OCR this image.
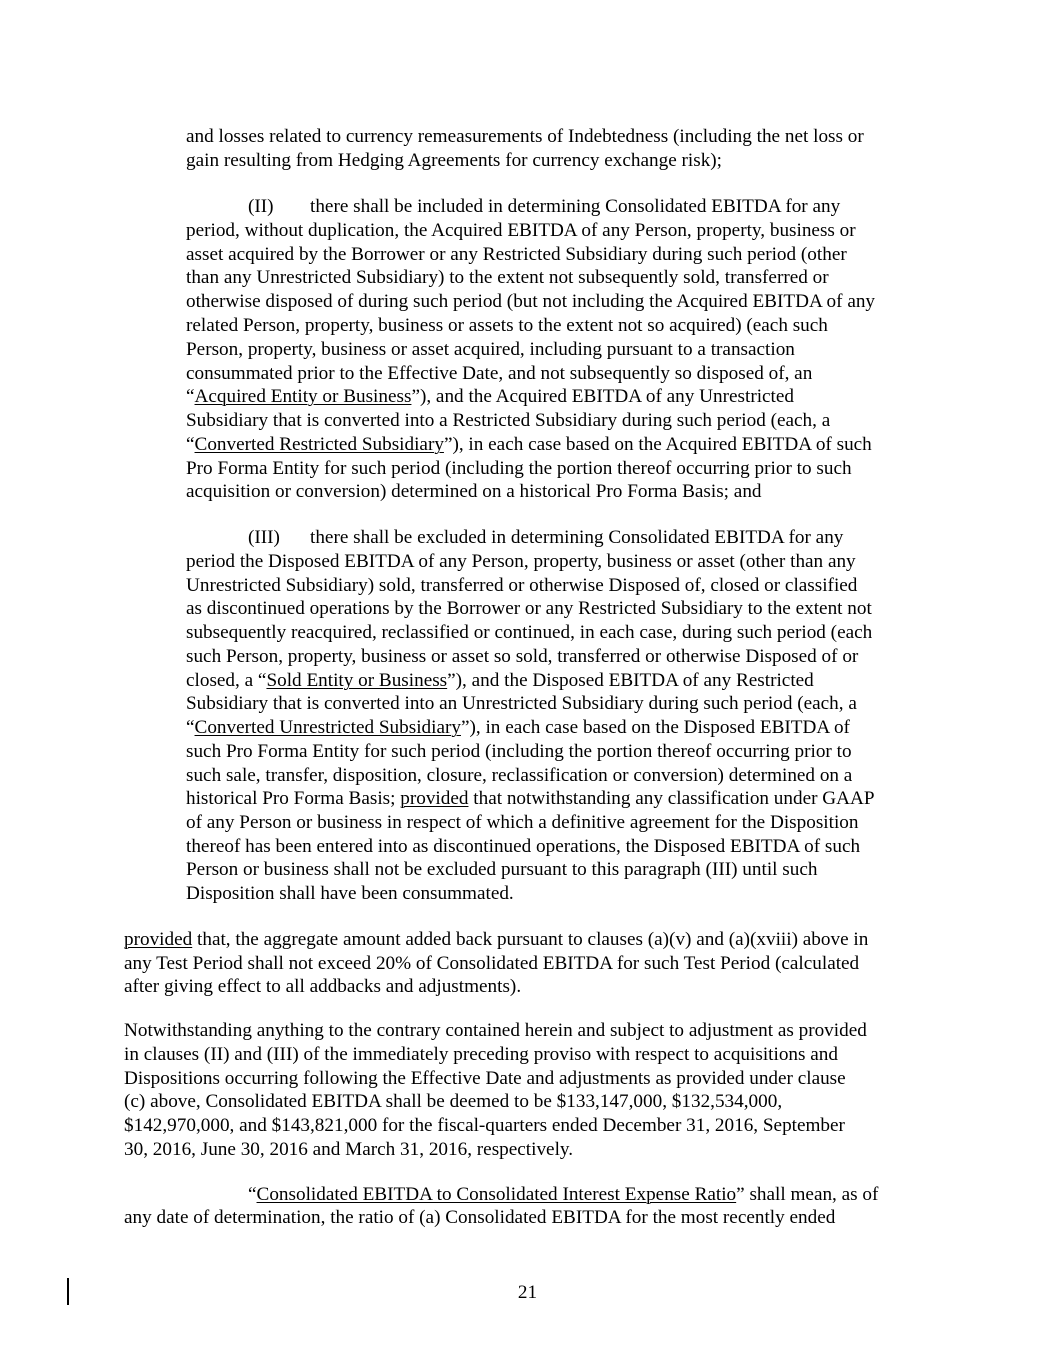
and losses related to currency remeasurements of Indebtedness (including the net loss or
gain resulting from Hedging Agreements for currency exchange risk);
(II) there shall be included in determining Consolidated EBITDA for any
period, without duplication, the Acquired EBITDA of any Person, property, business or
asset acquired by the Borrower or any Restricted Subsidiary during such period (other
than any Unrestricted Subsidiary) to the extent not subsequently sold, transferred or
otherwise disposed of during such period (but not including the Acquired EBITDA of any
related Person, property, business or assets to the extent not so acquired) (each such
Person, property, business or asset acquired, including pursuant to a transaction
consummated prior to the Effective Date, and not subsequently so disposed of, an
“Acquired Entity or Business”), and the Acquired EBITDA of any Unrestricted
Subsidiary that is converted into a Restricted Subsidiary during such period (each, a
“Converted Restricted Subsidiary”), in each case based on the Acquired EBITDA of such
Pro Forma Entity for such period (including the portion thereof occurring prior to such
acquisition or conversion) determined on a historical Pro Forma Basis; and
(III) there shall be excluded in determining Consolidated EBITDA for any
period the Disposed EBITDA of any Person, property, business or asset (other than any
Unrestricted Subsidiary) sold, transferred or otherwise Disposed of, closed or classified
as discontinued operations by the Borrower or any Restricted Subsidiary to the extent not
subsequently reacquired, reclassified or continued, in each case, during such period (each
such Person, property, business or asset so sold, transferred or otherwise Disposed of or
closed, a “Sold Entity or Business”), and the Disposed EBITDA of any Restricted
Subsidiary that is converted into an Unrestricted Subsidiary during such period (each, a
“Converted Unrestricted Subsidiary”), in each case based on the Disposed EBITDA of
such Pro Forma Entity for such period (including the portion thereof occurring prior to
such sale, transfer, disposition, closure, reclassification or conversion) determined on a
historical Pro Forma Basis; provided that notwithstanding any classification under GAAP
of any Person or business in respect of which a definitive agreement for the Disposition
thereof has been entered into as discontinued operations, the Disposed EBITDA of such
Person or business shall not be excluded pursuant to this paragraph (III) until such
Disposition shall have been consummated.
provided that, the aggregate amount added back pursuant to clauses (a)(v) and (a)(xviii) above in
any Test Period shall not exceed 20% of Consolidated EBITDA for such Test Period (calculated
after giving effect to all addbacks and adjustments).
Notwithstanding anything to the contrary contained herein and subject to adjustment as provided
in clauses (II) and (III) of the immediately preceding proviso with respect to acquisitions and
Dispositions occurring following the Effective Date and adjustments as provided under clause
(c) above, Consolidated EBITDA shall be deemed to be $133,147,000, $132,534,000,
$142,970,000, and $143,821,000 for the fiscal-quarters ended December 31, 2016, September
30, 2016, June 30, 2016 and March 31, 2016, respectively.
“Consolidated EBITDA to Consolidated Interest Expense Ratio” shall mean, as of
any date of determination, the ratio of (a) Consolidated EBITDA for the most recently ended
21
